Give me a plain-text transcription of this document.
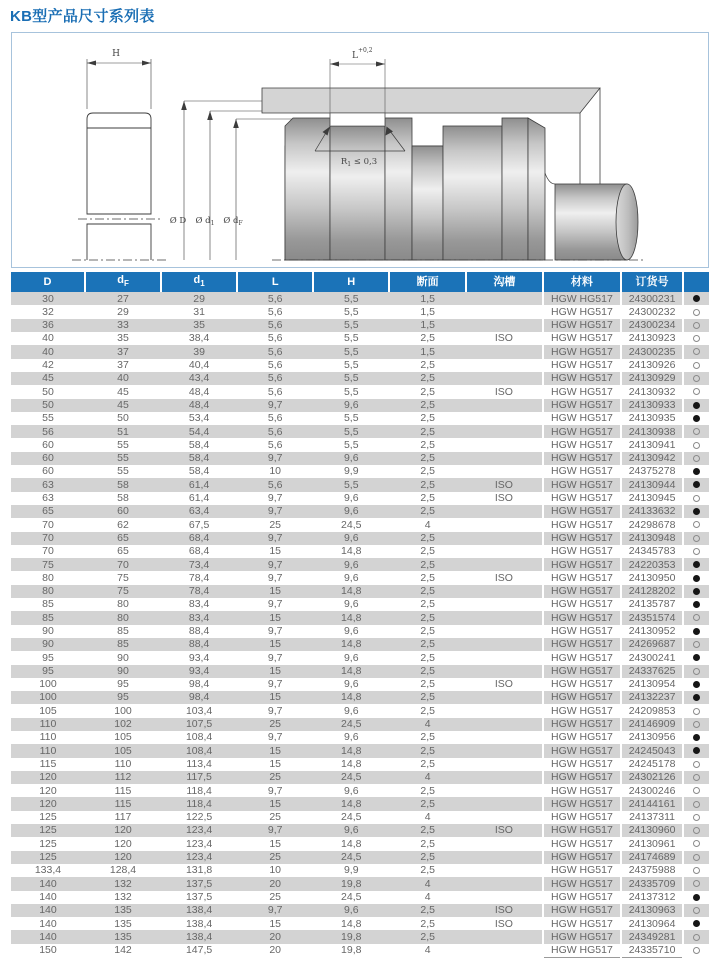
KB型产品尺寸系列表
H
Ø D Ø $d_1$ Ø $d_F$
$L^{+0,2}$
$R_1 \le 0,3$
D	$d_F$	$d_1$	L	H	断面	沟槽	材料	订货号	
30	27	29	5,6	5,5	1,5		HGW HG517	24300231	
32	29	31	5,6	5,5	1,5		HGW HG517	24300232	
36	33	35	5,6	5,5	1,5		HGW HG517	24300234	
40	35	38,4	5,6	5,5	2,5	ISO	HGW HG517	24130923	
40	37	39	5,6	5,5	1,5		HGW HG517	24300235	
42	37	40,4	5,6	5,5	2,5		HGW HG517	24130926	
45	40	43,4	5,6	5,5	2,5		HGW HG517	24130929	
50	45	48,4	5,6	5,5	2,5	ISO	HGW HG517	24130932	
50	45	48,4	9,7	9,6	2,5		HGW HG517	24130933	
55	50	53,4	5,6	5,5	2,5		HGW HG517	24130935	
56	51	54,4	5,6	5,5	2,5		HGW HG517	24130938	
60	55	58,4	5,6	5,5	2,5		HGW HG517	24130941	
60	55	58,4	9,7	9,6	2,5		HGW HG517	24130942	
60	55	58,4	10	9,9	2,5		HGW HG517	24375278	
63	58	61,4	5,6	5,5	2,5	ISO	HGW HG517	24130944	
63	58	61,4	9,7	9,6	2,5	ISO	HGW HG517	24130945	
65	60	63,4	9,7	9,6	2,5		HGW HG517	24133632	
70	62	67,5	25	24,5	4		HGW HG517	24298678	
70	65	68,4	9,7	9,6	2,5		HGW HG517	24130948	
70	65	68,4	15	14,8	2,5		HGW HG517	24345783	
75	70	73,4	9,7	9,6	2,5		HGW HG517	24220353	
80	75	78,4	9,7	9,6	2,5	ISO	HGW HG517	24130950	
80	75	78,4	15	14,8	2,5		HGW HG517	24128202	
85	80	83,4	9,7	9,6	2,5		HGW HG517	24135787	
85	80	83,4	15	14,8	2,5		HGW HG517	24351574	
90	85	88,4	9,7	9,6	2,5		HGW HG517	24130952	
90	85	88,4	15	14,8	2,5		HGW HG517	24269687	
95	90	93,4	9,7	9,6	2,5		HGW HG517	24300241	
95	90	93,4	15	14,8	2,5		HGW HG517	24337625	
100	95	98,4	9,7	9,6	2,5	ISO	HGW HG517	24130954	
100	95	98,4	15	14,8	2,5		HGW HG517	24132237	
105	100	103,4	9,7	9,6	2,5		HGW HG517	24209853	
110	102	107,5	25	24,5	4		HGW HG517	24146909	
110	105	108,4	9,7	9,6	2,5		HGW HG517	24130956	
110	105	108,4	15	14,8	2,5		HGW HG517	24245043	
115	110	113,4	15	14,8	2,5		HGW HG517	24245178	
120	112	117,5	25	24,5	4		HGW HG517	24302126	
120	115	118,4	9,7	9,6	2,5		HGW HG517	24300246	
120	115	118,4	15	14,8	2,5		HGW HG517	24144161	
125	117	122,5	25	24,5	4		HGW HG517	24137311	
125	120	123,4	9,7	9,6	2,5	ISO	HGW HG517	24130960	
125	120	123,4	15	14,8	2,5		HGW HG517	24130961	
125	120	123,4	25	24,5	2,5		HGW HG517	24174689	
133,4	128,4	131,8	10	9,9	2,5		HGW HG517	24375988	
140	132	137,5	20	19,8	4		HGW HG517	24335709	
140	132	137,5	25	24,5	4		HGW HG517	24137312	
140	135	138,4	9,7	9,6	2,5	ISO	HGW HG517	24130963	
140	135	138,4	15	14,8	2,5	ISO	HGW HG517	24130964	
140	135	138,4	20	19,8	2,5		HGW HG517	24349281	
150	142	147,5	20	19,8	4		HGW HG517	24335710	
